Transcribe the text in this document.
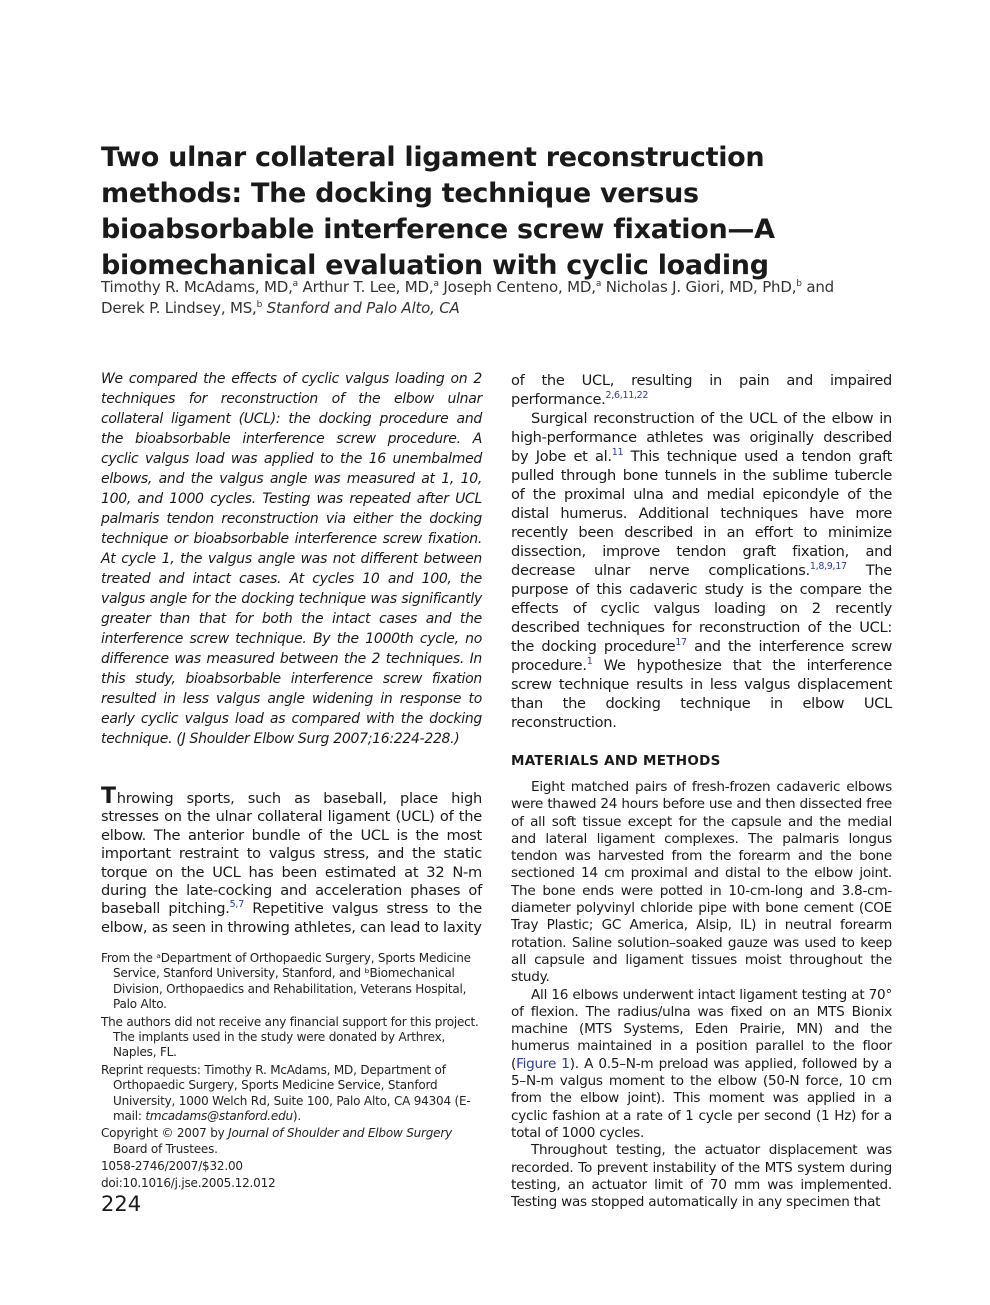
Two ulnar collateral ligament reconstruction methods: The docking technique versus bioabsorbable interference screw fixation—A biomechanical evaluation with cyclic loading
Timothy R. McAdams, MD,$^a$ Arthur T. Lee, MD,$^a$ Joseph Centeno, MD,$^a$ Nicholas J. Giori, MD, PhD,$^b$ and Derek P. Lindsey, MS,$^b$ Stanford and Palo Alto, CA
We compared the effects of cyclic valgus loading on 2 techniques for reconstruction of the elbow ulnar collateral ligament (UCL): the docking procedure and the bioabsorbable interference screw procedure. A cyclic valgus load was applied to the 16 unembalmed elbows, and the valgus angle was measured at 1, 10, 100, and 1000 cycles. Testing was repeated after UCL palmaris tendon reconstruction via either the docking technique or bioabsorbable interference screw fixation. At cycle 1, the valgus angle was not different between treated and intact cases. At cycles 10 and 100, the valgus angle for the docking technique was significantly greater than that for both the intact cases and the interference screw technique. By the 1000th cycle, no difference was measured between the 2 techniques. In this study, bioabsorbable interference screw fixation resulted in less valgus angle widening in response to early cyclic valgus load as compared with the docking technique. (J Shoulder Elbow Surg 2007;16:224-228.)
Throwing sports, such as baseball, place high stresses on the ulnar collateral ligament (UCL) of the elbow. The anterior bundle of the UCL is the most important restraint to valgus stress, and the static torque on the UCL has been estimated at 32 N-m during the late-cocking and acceleration phases of baseball pitching.$^{5,7}$ Repetitive valgus stress to the elbow, as seen in throwing athletes, can lead to laxity

From the ᵃDepartment of Orthopaedic Surgery, Sports Medicine Service, Stanford University, Stanford, and ᵇBiomechanical Division, Orthopaedics and Rehabilitation, Veterans Hospital, Palo Alto.

The authors did not receive any financial support for this project. The implants used in the study were donated by Arthrex, Naples, FL.

Reprint requests: Timothy R. McAdams, MD, Department of Orthopaedic Surgery, Sports Medicine Service, Stanford University, 1000 Welch Rd, Suite 100, Palo Alto, CA 94304 (E-mail: tmcadams@stanford.edu).

Copyright © 2007 by Journal of Shoulder and Elbow Surgery Board of Trustees.

1058-2746/2007/$32.00

doi:10.1016/j.jse.2005.12.012

224

of the UCL, resulting in pain and impaired performance.$^{2,6,11,22}$

Surgical reconstruction of the UCL of the elbow in high-performance athletes was originally described by Jobe et al.$^{11}$ This technique used a tendon graft pulled through bone tunnels in the sublime tubercle of the proximal ulna and medial epicondyle of the distal humerus. Additional techniques have more recently been described in an effort to minimize dissection, improve tendon graft fixation, and decrease ulnar nerve complications.$^{1,8,9,17}$ The purpose of this cadaveric study is the compare the effects of cyclic valgus loading on 2 recently described techniques for reconstruction of the UCL: the docking procedure$^{17}$ and the interference screw procedure.$^1$ We hypothesize that the interference screw technique results in less valgus displacement than the docking technique in elbow UCL reconstruction.

MATERIALS AND METHODS

Eight matched pairs of fresh-frozen cadaveric elbows were thawed 24 hours before use and then dissected free of all soft tissue except for the capsule and the medial and lateral ligament complexes. The palmaris longus tendon was harvested from the forearm and the bone sectioned 14 cm proximal and distal to the elbow joint. The bone ends were potted in 10-cm-long and 3.8-cm-diameter polyvinyl chloride pipe with bone cement (COE Tray Plastic; GC America, Alsip, IL) in neutral forearm rotation. Saline solution–soaked gauze was used to keep all capsule and ligament tissues moist throughout the study.

All 16 elbows underwent intact ligament testing at 70° of flexion. The radius/ulna was fixed on an MTS Bionix machine (MTS Systems, Eden Prairie, MN) and the humerus maintained in a position parallel to the floor (Figure 1). A 0.5–N-m preload was applied, followed by a 5–N-m valgus moment to the elbow (50-N force, 10 cm from the elbow joint). This moment was applied in a cyclic fashion at a rate of 1 cycle per second (1 Hz) for a total of 1000 cycles.

Throughout testing, the actuator displacement was recorded. To prevent instability of the MTS system during testing, an actuator limit of 70 mm was implemented. Testing was stopped automatically in any specimen that
